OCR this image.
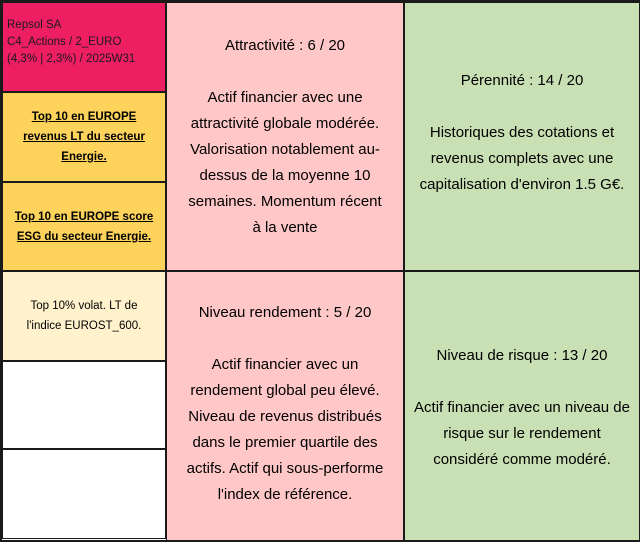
Repsol SA
C4_Actions / 2_EURO
(4,3% | 2,3%) / 2025W31
Top 10 en EUROPE revenus LT du secteur Energie.
Top 10 en EUROPE score ESG du secteur Energie.
Top 10% volat. LT de l'indice EUROST_600.
Attractivité : 6 / 20
Actif financier avec une attractivité globale modérée. Valorisation notablement au-dessus de la moyenne 10 semaines. Momentum récent à la vente
Niveau rendement : 5 / 20
Actif financier avec un rendement global peu élevé. Niveau de revenus distribués dans le premier quartile des actifs. Actif qui sous-performe l'index de référence.
Pérennité : 14 / 20
Historiques des cotations et revenus complets avec une capitalisation d'environ 1.5 G€.
Niveau de risque : 13 / 20
Actif financier avec un niveau de risque sur le rendement considéré comme modéré.
